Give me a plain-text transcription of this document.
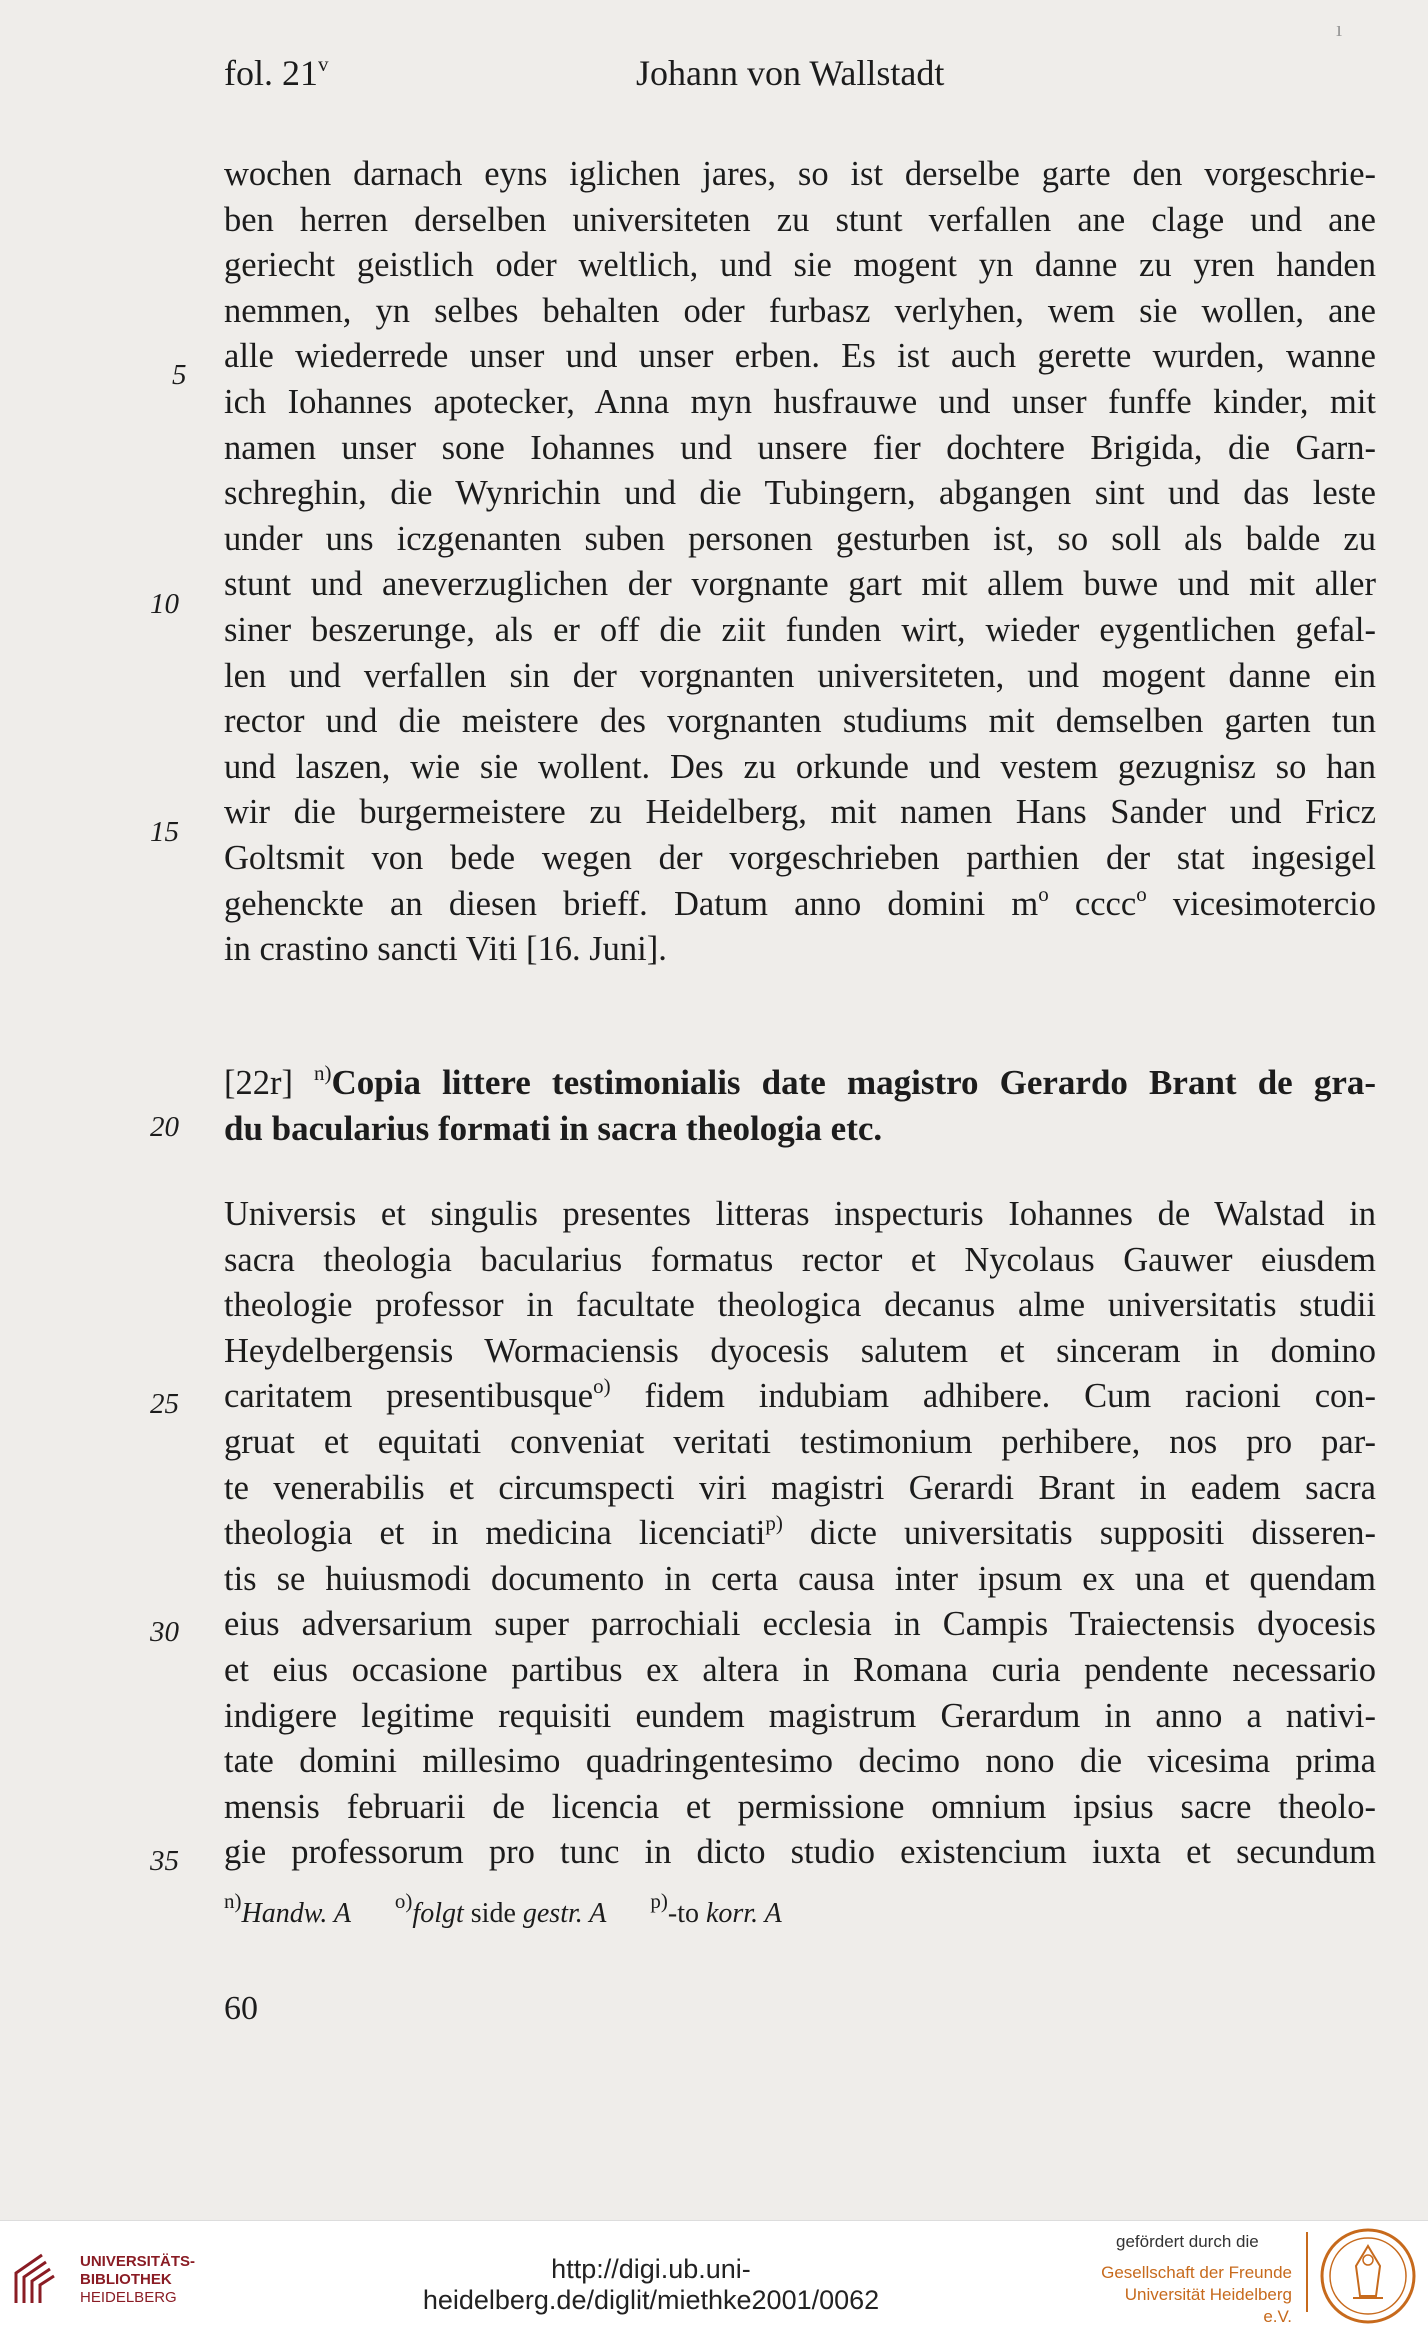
fol. 21$^v$	Johann von Wallstadt
ı
wochen darnach eyns iglichen jares, so ist derselbe garte den vorgeschrie-
ben herren derselben universiteten zu stunt verfallen ane clage und ane
geriecht geistlich oder weltlich, und sie mogent yn danne zu yren handen
nemmen, yn selbes behalten oder furbasz verlyhen, wem sie wollen, ane
alle wiederrede unser und unser erben. Es ist auch gerette wurden, wanne
ich Iohannes apotecker, Anna myn husfrauwe und unser funffe kinder, mit
namen unser sone Iohannes und unsere fier dochtere Brigida, die Garn-
schreghin, die Wynrichin und die Tubingern, abgangen sint und das leste
under uns iczgenanten suben personen gesturben ist, so soll als balde zu
stunt und aneverzuglichen der vorgnante gart mit allem buwe und mit aller
siner beszerunge, als er off die ziit funden wirt, wieder eygentlichen gefal-
len und verfallen sin der vorgnanten universiteten, und mogent danne ein
rector und die meistere des vorgnanten studiums mit demselben garten tun
und laszen, wie sie wollent. Des zu orkunde und vestem gezugnisz so han
wir die burgermeistere zu Heidelberg, mit namen Hans Sander und Fricz
Goltsmit von bede wegen der vorgeschrieben parthien der stat ingesigel
gehenckte an diesen brieff. Datum anno domini $m^o$ cccc$^o$ vicesimotercio
in crastino sancti Viti [16. Juni].
[22r] $^{n)}$Copia littere testimonialis date magistro Gerardo Brant de gra-
du bacularius formati in sacra theologia etc.
Universis et singulis presentes litteras inspecturis Iohannes de Walstad in
sacra theologia bacularius formatus rector et Nycolaus Gauwer eiusdem
theologie professor in facultate theologica decanus alme universitatis studii
Heydelbergensis Wormaciensis dyocesis salutem et sinceram in domino
caritatem presentibusque$^{o)}$ fidem indubiam adhibere. Cum racioni con-
gruat et equitati conveniat veritati testimonium perhibere, nos pro par-
te venerabilis et circumspecti viri magistri Gerardi Brant in eadem sacra
theologia et in medicina licenciati$^{p)}$ dicte universitatis suppositi disseren-
tis se huiusmodi documento in certa causa inter ipsum ex una et quendam
eius adversarium super parrochiali ecclesia in Campis Traiectensis dyocesis
et eius occasione partibus ex altera in Romana curia pendente necessario
indigere legitime requisiti eundem magistrum Gerardum in anno a nativi-
tate domini millesimo quadringentesimo decimo nono die vicesima prima
mensis februarii de licencia et permissione omnium ipsius sacre theolo-
gie professorum pro tunc in dicto studio existencium iuxta et secundum
5
10
15
20
25
30
35
$^{n)}$Handw. A $^{o)}$folgt side gestr. A $^{p)}$-to korr. A
60
UNIVERSITÄTS-
BIBLIOTHEK
HEIDELBERG
http://digi.ub.uni-heidelberg.de/diglit/miethke2001/0062
gefördert durch die
Gesellschaft der Freunde
Universität Heidelberg e.V.
